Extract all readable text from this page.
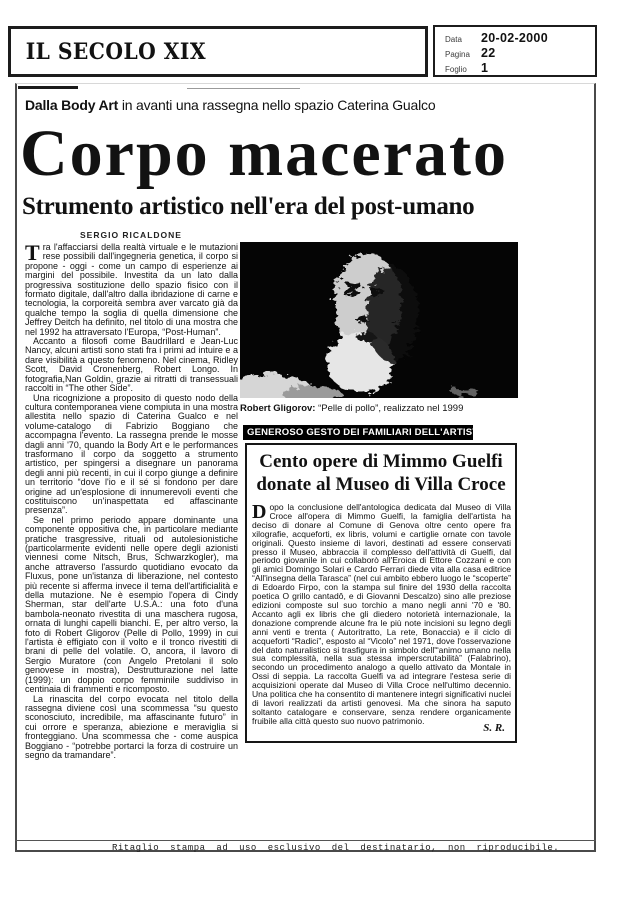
IL SECOLO XIX	Data	20-02-2000
Pagina 22
Foglio	1
Dalla Body Art in avanti una rassegna nello spazio Caterina Gualco
Corpo macerato
Strumento artistico nell'era del post-umano
SERGIO RICALDONE

Tra l'affacciarsi della realtà virtuale e le mutazioni rese possibili dall'ingegneria genetica, il corpo si propone - oggi - come un campo di esperienze ai margini del possibile. Investita da un lato dalla progressiva sostituzione dello spazio fisico con il formato digitale, dall'altro dalla ibridazione di carne e tecnologia, la corporeità sembra aver varcato già da qualche tempo la soglia di quella dimensione che Jeffrey Deitch ha definito, nel titolo di una mostra che nel 1992 ha attraversato l'Europa, “Post-Human”.

Accanto a filosofi come Baudrillard e Jean-Luc Nancy, alcuni artisti sono stati fra i primi ad intuire e a dare visibilità a questo fenomeno. Nel cinema, Ridley Scott, David Cronenberg, Robert Longo. In fotografia,Nan Goldin, grazie ai ritratti di transessuali raccolti in “The other Side”.

Una ricognizione a proposito di questo nodo della cultura contemporanea viene compiuta in una mostra allestita nello spazio di Caterina Gualco e nel volume-catalogo di Fabrizio Boggiano che accompagna l'evento. La rassegna prende le mosse dagli anni '70, quando la Body Art e le performances trasformano il corpo da soggetto a strumento artistico, per spingersi a disegnare un panorama degli anni più recenti, in cui il corpo giunge a definire un territorio “dove l'io e il sé si fondono per dare origine ad un'esplosione di innumerevoli eventi che costituiscono un'inaspettata ed affascinante presenza”.

Se nel primo periodo appare dominante una componente oppositiva che, in particolare mediante pratiche trasgressive, rituali od autolesionistiche (particolarmente evidenti nelle opere degli azionisti viennesi come Nitsch, Brus, Schwarzkogler), ma anche attraverso l'assurdo quotidiano evocato da Fluxus, pone un'istanza di liberazione, nel contesto più recente si afferma invece il tema dell'artificialità e della mutazione. Ne è esempio l'opera di Cindy Sherman, star dell'arte U.S.A.: una foto d'una bambola-neonato rivestita di una maschera rugosa, ornata di lunghi capelli bianchi. E, per altro verso, la foto di Robert Gligorov (Pelle di Pollo, 1999) in cui l'artista è effigiato con il volto e il tronco rivestiti di brani di pelle del volatile. O, ancora, il lavoro di Sergio Muratore (con Angelo Pretolani il solo genovese in mostra), Destrutturazione nel latte (1999): un doppio corpo femminile suddiviso in centinaia di frammenti e ricomposto.

La rinascita del corpo evocata nel titolo della rassegna diviene così una scommessa “su questo sconosciuto, incredibile, ma affascinante futuro” in cui orrore e speranza, abiezione e meraviglia si fronteggiano. Una scommessa che - come auspica Boggiano - “potrebbe portarci la forza di costruire un segno da tramandare”.

Robert Gligorov: “Pelle di pollo”, realizzato nel 1999
GENEROSO GESTO DEI FAMILIARI DELL'ARTISTA
Cento opere di Mimmo Guelfi
donate al Museo di Villa Croce
Dopo la conclusione dell'antologica dedicata dal Museo di Villa Croce all'opera di Mimmo Guelfi, la famiglia dell'artista ha deciso di donare al Comune di Genova oltre cento opere fra xilografie, acqueforti, ex libris, volumi e cartiglie ornate con tavole originali. Questo insieme di lavori, destinati ad essere conservati presso il Museo, abbraccia il complesso dell'attività di Guelfi, dal periodo giovanile in cui collaborò all'Eroica di Ettore Cozzani e con gli amici Domingo Solari e Cardo Ferrari diede vita alla casa editrice “All'insegna della Tarasca” (nel cui ambito ebbero luogo le “scoperte” di Edoardo Firpo, con la stampa sul finire del 1930 della raccolta poetica O grillo cantadô, e di Giovanni Descalzo) sino alle preziose edizioni composte sul suo torchio a mano negli anni '70 e '80. Accanto agli ex libris che gli diedero notorietà internazionale, la donazione comprende alcune fra le più note incisioni su legno degli anni venti e trenta ( Autoritratto, La rete, Bonaccia) e il ciclo di acqueforti “Radici”, esposto al “Vicolo” nel 1971, dove l'osservazione del dato naturalistico si trasfigura in simbolo dell'“animo umano nella sua complessità, nella sua stessa imperscrutabilità” (Falabrino), secondo un procedimento analogo a quello attivato da Montale in Ossi di seppia. La raccolta Guelfi va ad integrare l'estesa serie di acquisizioni operate dal Museo di Villa Croce nell'ultimo decennio. Una politica che ha consentito di mantenere integri significativi nuclei di lavori realizzati da artisti genovesi. Ma che sinora ha saputo soltanto catalogare e conservare, senza rendere organicamente fruibile alla città questo suo nuovo patrimonio.
S. R.
Ritaglio stampa ad uso esclusivo del destinatario, non riproducibile.
